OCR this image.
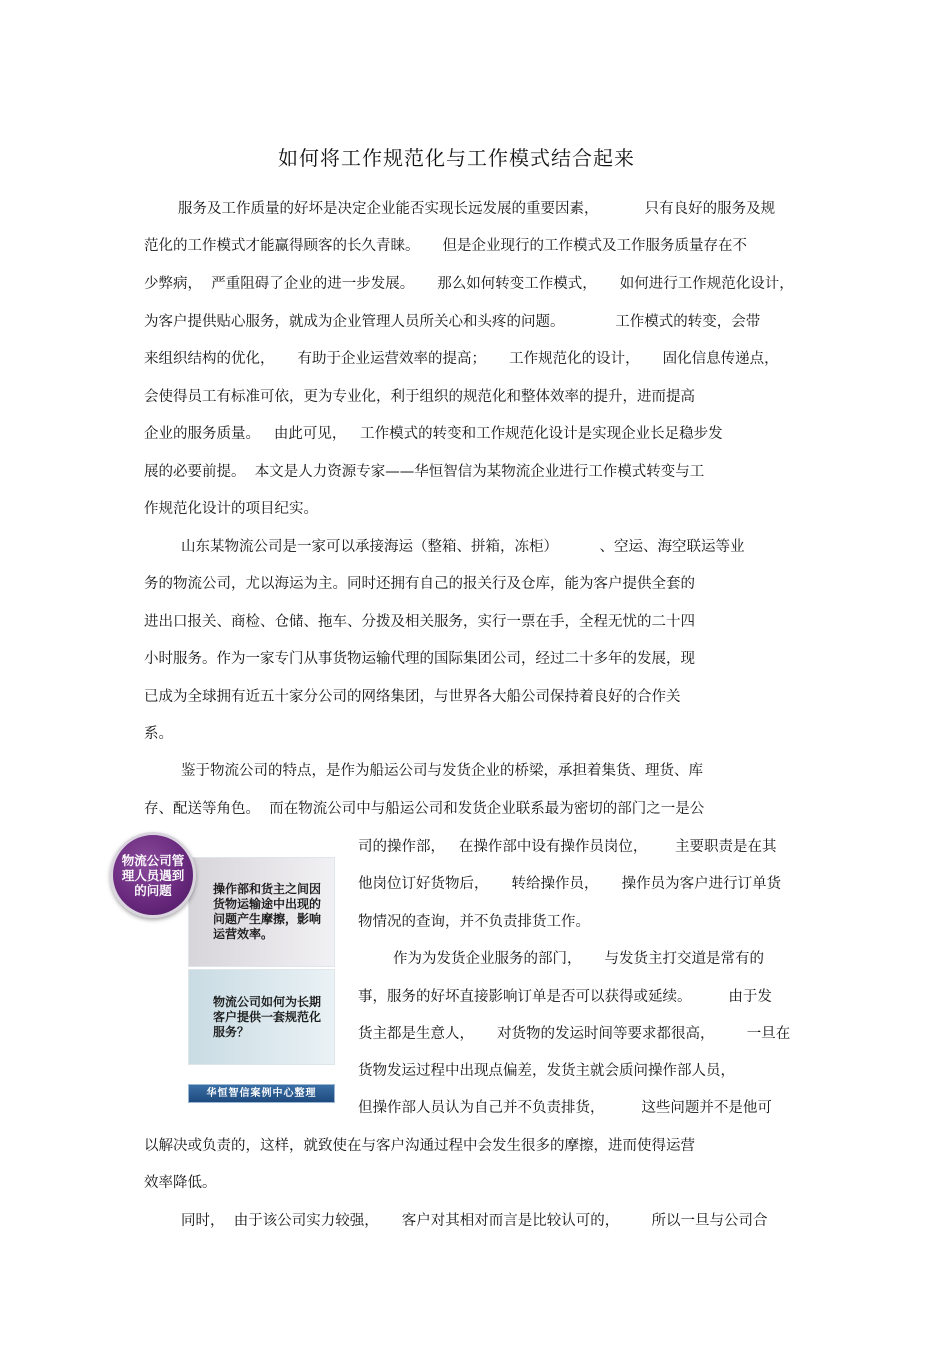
如何将工作规范化与工作模式结合起来

服务及工作质量的好坏是决定企业能否实现长远发展的重要因素，          只有良好的服务及规

范化的工作模式才能赢得顾客的长久青睐。     但是企业现行的工作模式及工作服务质量存在不

少弊病，  严重阻碍了企业的进一步发展。     那么如何转变工作模式，     如何进行工作规范化设计，

为客户提供贴心服务，就成为企业管理人员所关心和头疼的问题。           工作模式的转变，会带

来组织结构的优化，     有助于企业运营效率的提高；     工作规范化的设计，     固化信息传递点，

会使得员工有标准可依，更为专业化，利于组织的规范化和整体效率的提升，进而提高

企业的服务质量。   由此可见，   工作模式的转变和工作规范化设计是实现企业长足稳步发

展的必要前提。  本文是人力资源专家——华恒智信为某物流企业进行工作模式转变与工

作规范化设计的项目纪实。

山东某物流公司是一家可以承接海运（整箱、拼箱，冻柜）         、空运、海空联运等业

务的物流公司，尤以海运为主。同时还拥有自己的报关行及仓库，能为客户提供全套的

进出口报关、商检、仓储、拖车、分拨及相关服务，实行一票在手，全程无忧的二十四

小时服务。作为一家专门从事货物运输代理的国际集团公司，经过二十多年的发展，现

已成为全球拥有近五十家分公司的网络集团，与世界各大船公司保持着良好的合作关

系。

鉴于物流公司的特点，是作为船运公司与发货企业的桥梁，承担着集货、理货、库

存、配送等角色。  而在物流公司中与船运公司和发货企业联系最为密切的部门之一是公

司的操作部，   在操作部中设有操作员岗位，      主要职责是在其

他岗位订好货物后，     转给操作员，     操作员为客户进行订单货

物情况的查询，并不负责排货工作。

作为为发货企业服务的部门，     与发货主打交道是常有的

事，服务的好坏直接影响订单是否可以获得或延续。        由于发

货主都是生意人，     对货物的发运时间等要求都很高，       一旦在

货物发运过程中出现点偏差，发货主就会质问操作部人员，

但操作部人员认为自己并不负责排货，        这些问题并不是他可

以解决或负责的，这样，就致使在与客户沟通过程中会发生很多的摩擦，进而使得运营

效率降低。

同时，  由于该公司实力较强，     客户对其相对而言是比较认可的，       所以一旦与公司合

物流公司管理人员遇到的问题	操作部和货主之间因货物运输途中出现的问题产生摩擦，影响运营效率。
物流公司如何为长期客户提供一套规范化服务？
华恒智信案例中心整理
